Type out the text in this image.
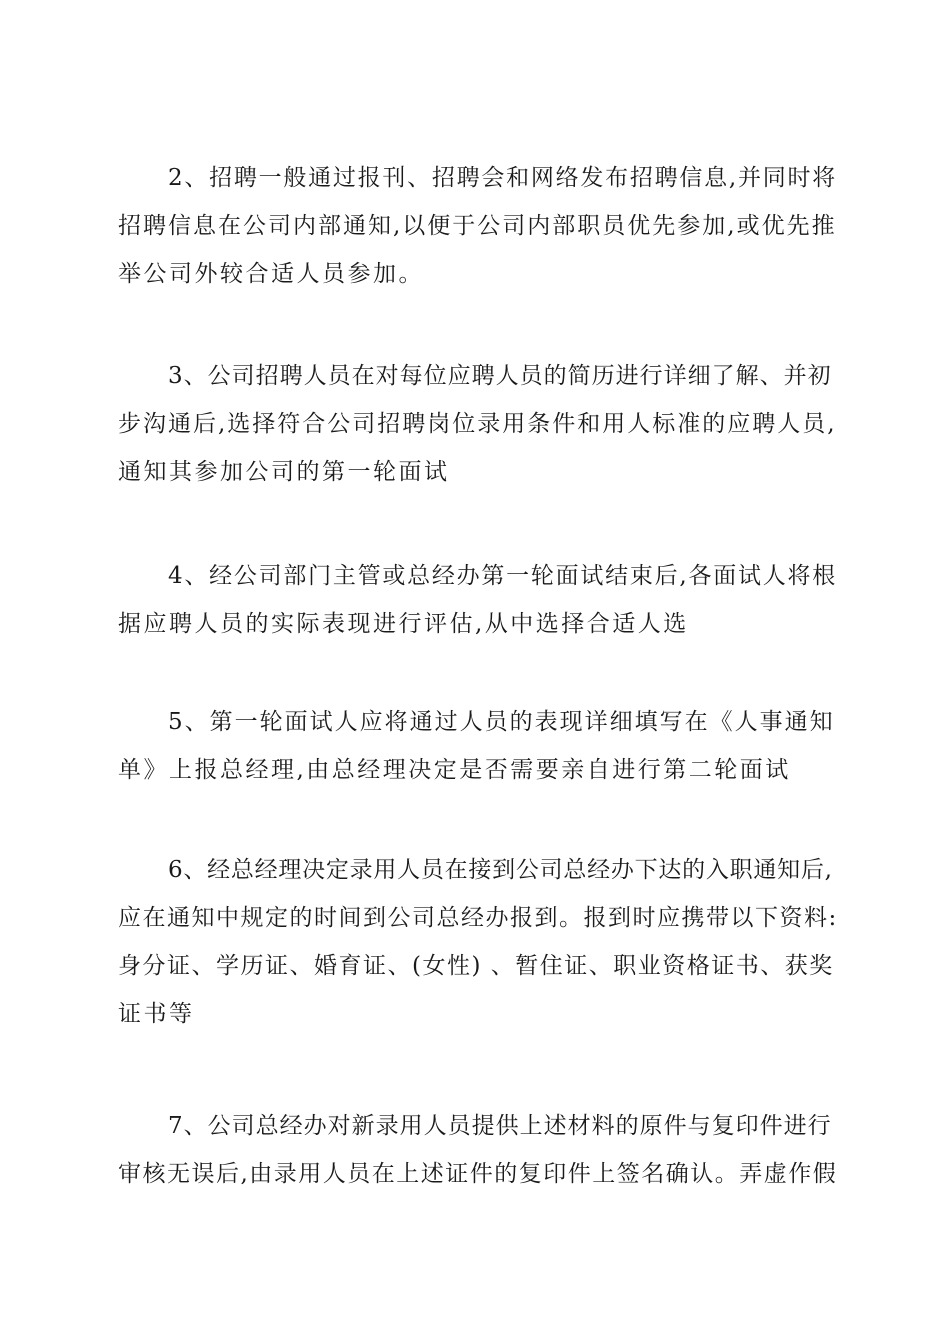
2、招聘一般通过报刊、招聘会和网络发布招聘信息,并同时将
招聘信息在公司内部通知,以便于公司内部职员优先参加,或优先推
举公司外较合适人员参加。
3、公司招聘人员在对每位应聘人员的简历进行详细了解、并初
步沟通后,选择符合公司招聘岗位录用条件和用人标准的应聘人员,
通知其参加公司的第一轮面试
4、经公司部门主管或总经办第一轮面试结束后,各面试人将根
据应聘人员的实际表现进行评估,从中选择合适人选
5、第一轮面试人应将通过人员的表现详细填写在《人事通知
单》上报总经理,由总经理决定是否需要亲自进行第二轮面试
6、经总经理决定录用人员在接到公司总经办下达的入职通知后,
应在通知中规定的时间到公司总经办报到。报到时应携带以下资料:
身分证、学历证、婚育证、(女性) 、暂住证、职业资格证书、获奖
证书等
7、公司总经办对新录用人员提供上述材料的原件与复印件进行
审核无误后,由录用人员在上述证件的复印件上签名确认。弄虚作假
